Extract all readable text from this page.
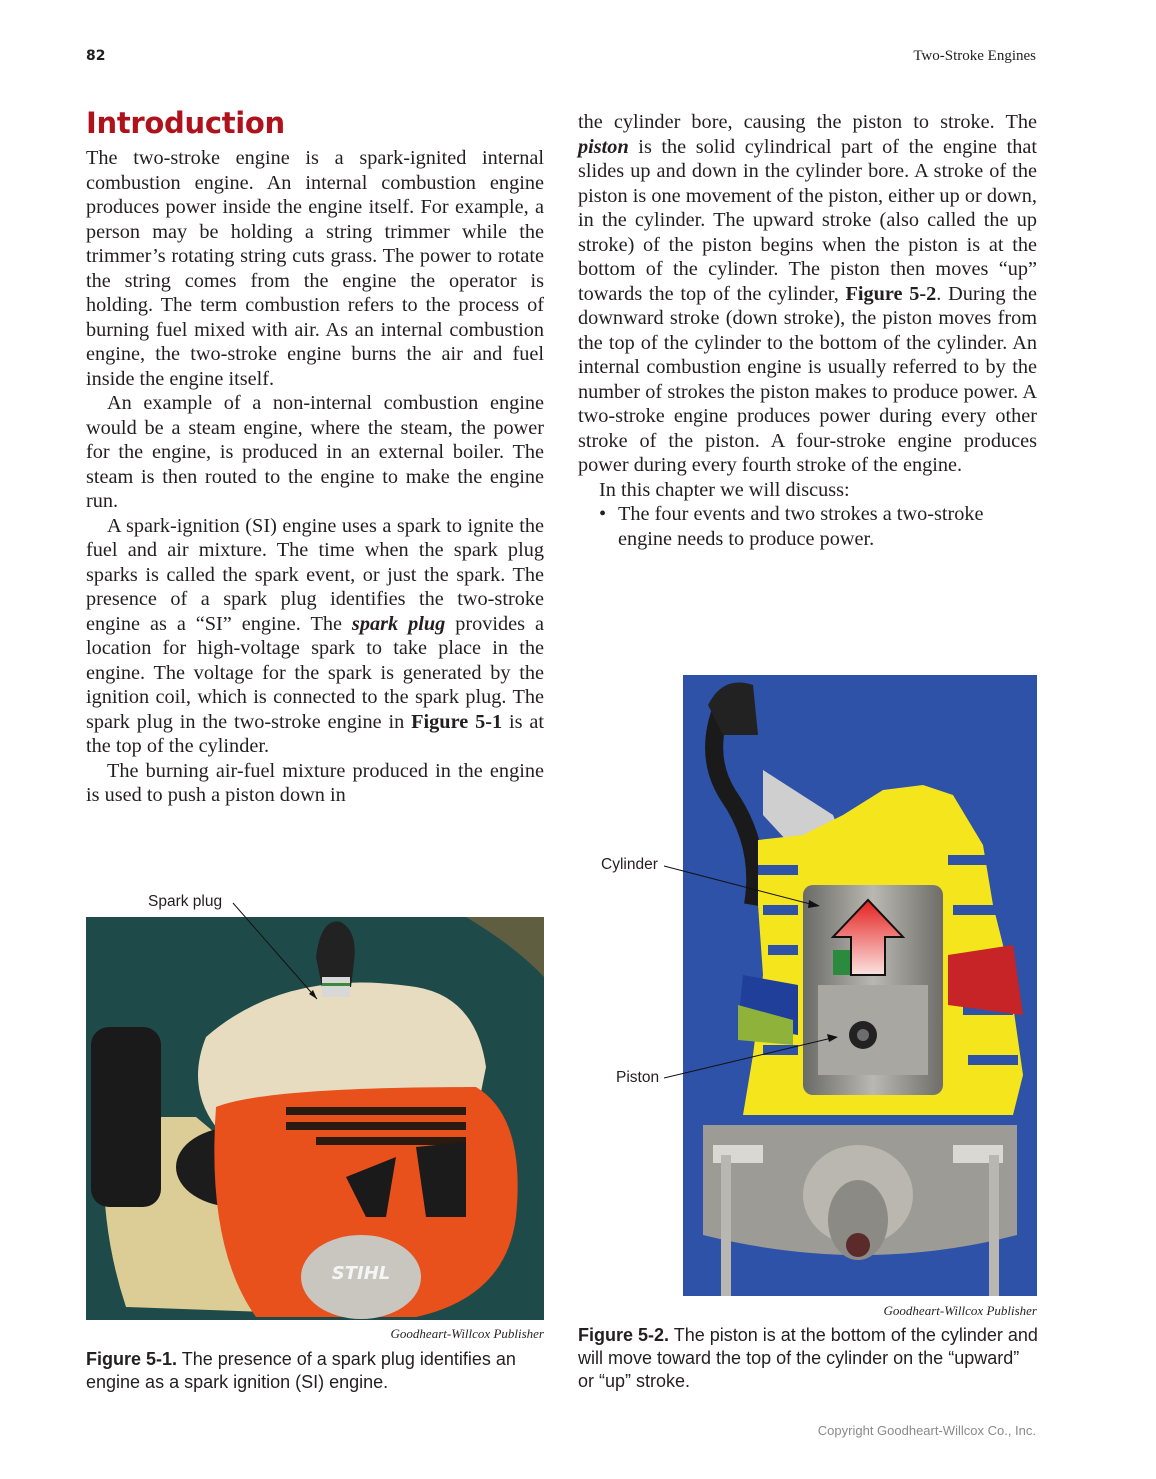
82	Two-Stroke Engines
Introduction

The two-stroke engine is a spark-ignited internal combustion engine. An internal combustion engine produces power inside the engine itself. For example, a person may be holding a string trimmer while the trimmer’s rotating string cuts grass. The power to rotate the string comes from the engine the operator is holding. The term combustion refers to the process of burning fuel mixed with air. As an internal combustion engine, the two-stroke engine burns the air and fuel inside the engine itself.

An example of a non-internal combustion engine would be a steam engine, where the steam, the power for the engine, is produced in an external boiler. The steam is then routed to the engine to make the engine run.

A spark-ignition (SI) engine uses a spark to ignite the fuel and air mixture. The time when the spark plug sparks is called the spark event, or just the spark. The presence of a spark plug identifies the two-stroke engine as a “SI” engine. The spark plug provides a location for high-voltage spark to take place in the engine. The voltage for the spark is generated by the ignition coil, which is connected to the spark plug. The spark plug in the two-stroke engine in Figure 5-1 is at the top of the cylinder.

The burning air-fuel mixture produced in the engine is used to push a piston down in

the cylinder bore, causing the piston to stroke. The piston is the solid cylindrical part of the engine that slides up and down in the cylinder bore. A stroke of the piston is one movement of the piston, either up or down, in the cylinder. The upward stroke (also called the up stroke) of the piston begins when the piston is at the bottom of the cylinder. The piston then moves “up” towards the top of the cylinder, Figure 5-2. During the downward stroke (down stroke), the piston moves from the top of the cylinder to the bottom of the cylinder. An internal combustion engine is usually referred to by the number of strokes the piston makes to produce power. A two-stroke engine produces power during every other stroke of the piston. A four-stroke engine produces power during every fourth stroke of the engine.

In this chapter we will discuss:

• The four events and two strokes a two-stroke engine needs to produce power.
Spark plug
STIHL
Goodheart-Willcox Publisher
Figure 5-1. The presence of a spark plug identifies an engine as a spark ignition (SI) engine.
Cylinder
Piston
Goodheart-Willcox Publisher
Figure 5-2. The piston is at the bottom of the cylinder and will move toward the top of the cylinder on the “upward” or “up” stroke.
Copyright Goodheart-Willcox Co., Inc.
